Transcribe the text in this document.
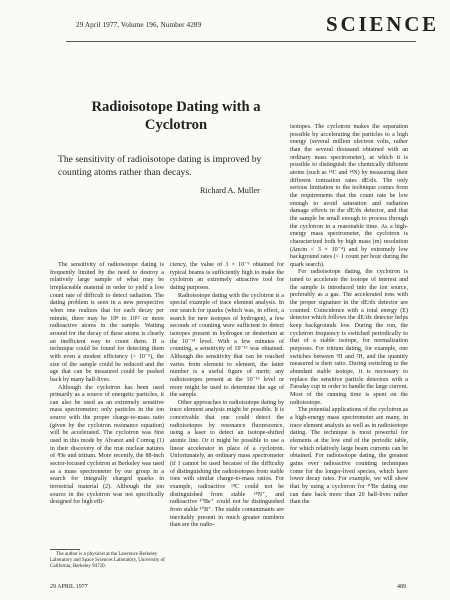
29 April 1977, Volume 196, Number 4289	SCIENCE

Radioisotope Dating with a

Cyclotron

The sensitivity of radioisotope dating is improved by counting atoms rather than decays.
Richard A. Muller

The sensitivity of radioisotope dating is frequently limited by the need to destroy a relatively large sample of what may be irreplaceable material in order to yield a low count rate of difficult to detect radiation. The dating problem is seen in a new perspective when one realizes that for each decay per minute, there may be 10⁸ to 10¹² or more radioactive atoms in the sample. Waiting around for the decay of these atoms is clearly an inefficient way to count them. If a technique could be found for detecting them with even a modest efficiency (> 10⁻⁵), the size of the sample could be reduced and the age that can be measured could be pushed back by many half-lives.

Although the cyclotron has been used primarily as a source of energetic particles, it can also be used as an extremely sensitive mass spectrometer; only particles in the ion source with the proper charge-to-mass ratio (given by the cyclotron resonance equation) will be accelerated. The cyclotron was first used in this mode by Alvarez and Cornog (1) in their discovery of the true nuclear natures of ³He and tritium. More recently, the 88-inch sector-focused cyclotron at Berkeley was used as a mass spectrometer by our group in a search for integrally charged quarks in terrestrial material (2). Although the ion source in the cyclotron was not specifically designed for high effi-

ciency, the value of 3 × 10⁻⁶ obtained for typical beams is sufficiently high to make the cyclotron an extremely attractive tool for dating purposes.

Radioisotope dating with the cyclotron is a special example of trace element analysis. In our search for quarks (which was, in effect, a search for new isotopes of hydrogen), a few seconds of counting were sufficient to detect isotopes present in hydrogen or deuterium at the 10⁻¹⁴ level. With a few minutes of counting, a sensitivity of 10⁻¹⁶ was obtained. Although the sensitivity that can be reached varies from element to element, the latter number is a useful figure of merit; any radioisotopes present at the 10⁻¹⁶ level or more might be used to determine the age of the sample.

Other approaches to radioisotope dating by trace element analysis might be possible. It is conceivable that one could detect the radioisotopes by resonance fluorescence, using a laser to detect an isotope-shifted atomic line. Or it might be possible to use a linear accelerator in place of a cyclotron. Unfortunately, an ordinary mass spectrometer (if I cannot be used because of the difficulty of distinguishing the radioisotopes from stable ions with similar charge-to-mass ratios. For example, radioactive ¹⁴C could not be distinguished from stable ¹⁴N⁺, and radioactive ¹⁰Be⁺ could not be distinguished from stable ¹⁰B⁺. The stable contaminants are inevitably present in much greater numbers than are the radio-

isotopes. The cyclotron makes the separation possible by accelerating the particles to a high energy (several million electron volts, rather than the several thousand obtained with an ordinary mass spectrometer), at which it is possible to distinguish the chemically different atoms (such as ¹⁴C and ¹⁴N) by measuring their different ionization rates dE/dx. The only serious limitation to the technique comes from the requirements that the count rate be low enough to avoid saturation and radiation damage effects in the dE/dx detector, and that the sample be small enough to process through the cyclotron in a reasonable time. As a high-energy mass spectrometer, the cyclotron is characterized both by high mass (m) resolution (Δm/m < 3 × 10⁻⁴) and by extremely low background rates (< 1 count per hour during the quark search).

For radioisotope dating, the cyclotron is tuned to accelerate the isotope of interest and the sample is introduced into the ion source, preferably as a gas. The accelerated ions with the proper signature in the dE/dx detector are counted. Coincidence with a total energy (E) detector which follows the dE/dx detector helps keep backgrounds low. During the run, the cyclotron frequency is switched periodically to that of a stable isotope, for normalization purposes. For tritium dating, for example, one switches between ³H and ²H, and the quantity measured is their ratio. During switching to the abundant stable isotope, it is necessary to replace the sensitive particle detectors with a Faraday cup in order to handle the large current. Most of the running time is spent on the radioisotope.

The potential applications of the cyclotron as a high-energy mass spectrometer are many, in trace element analysis as well as in radioisotope dating. The technique is most powerful for elements at the low end of the periodic table, for which relatively large beam currents can be obtained. For radioisotope dating, the greatest gains over radioactive counting techniques come for the longer-lived species, which have lower decay rates. For example, we will show that by using a cyclotron for ¹⁰Be dating one can date back more than 20 half-lives rather than the

The author is a physicist at the Lawrence Berkeley Laboratory and Space Sciences Laboratory, University of California, Berkeley 94720.
29 APRIL 1977	489
